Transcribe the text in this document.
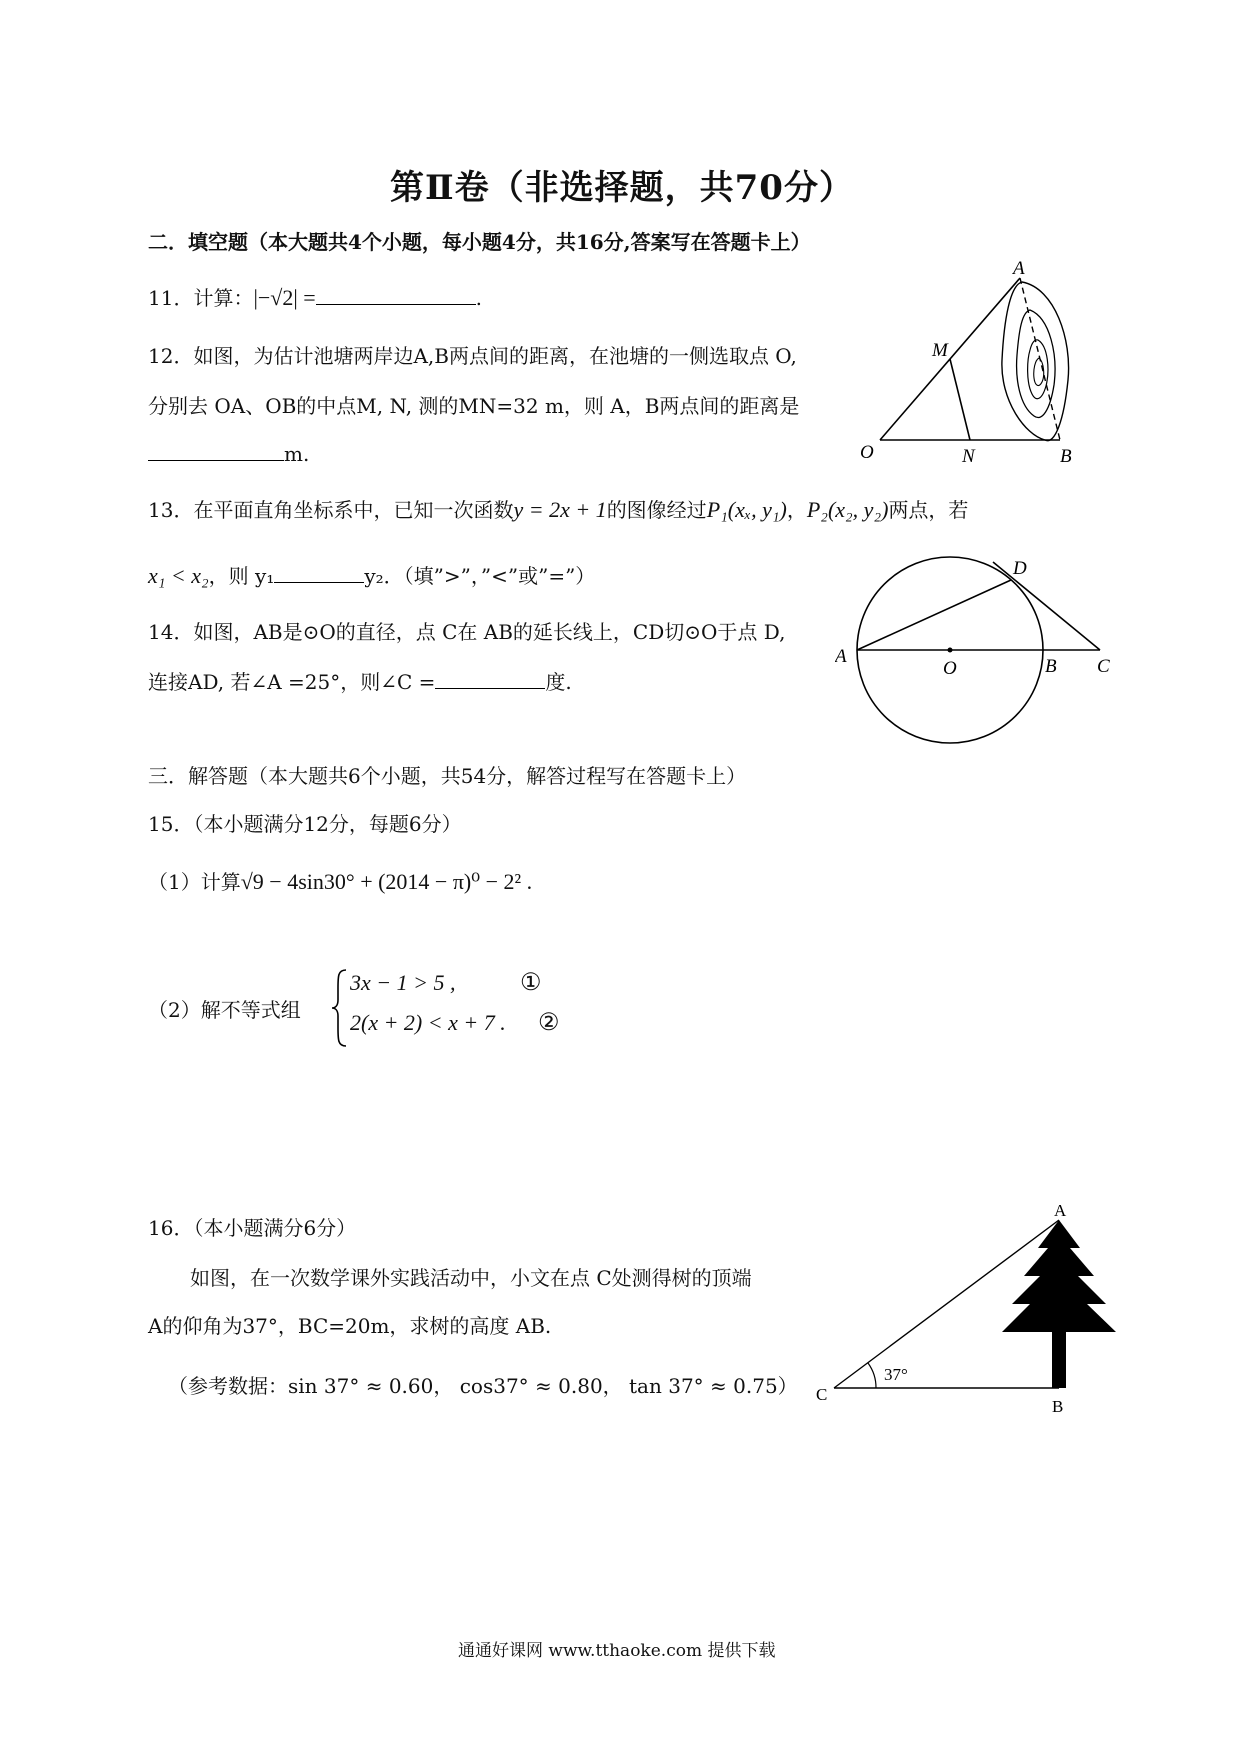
第Ⅱ卷（非选择题，共70分）
二．填空题（本大题共4个小题，每小题4分，共16分,答案写在答题卡上）
11．计算：|−√2| =	.
12．如图，为估计池塘两岸边A,B两点间的距离，在池塘的一侧选取点 O,
分别去 OA、OB的中点M, N, 测的MN=32 m，则 A，B两点间的距离是
m.
A
M
O	N	B
13．在平面直角坐标系中，已知一次函数y = 2x + 1的图像经过P₁(xₓ, y₁)，P₂(x₂, y₂)两点，若
x₁ < x₂，则 y₁	y₂．（填”>”，”<”或”=”）
14．如图，AB是⊙O的直径，点 C在 AB的延长线上，CD切⊙O于点 D,
连接AD, 若∠A =25°，则∠C =	度.
A
O	B C
D
三．解答题（本大题共6个小题，共54分，解答过程写在答题卡上）
15．（本小题满分12分，每题6分）
（1）计算√9 − 4sin30° + (2014 − π)⁰ − 2² .
（2）解不等式组
3x − 1 > 5 ,	①
2(x + 2) < x + 7 . ②
16．（本小题满分6分）
如图，在一次数学课外实践活动中，小文在点 C处测得树的顶端
A的仰角为37°，BC=20m，求树的高度 AB.
（参考数据：sin 37° ≈ 0.60， cos37° ≈ 0.80， tan 37° ≈ 0.75）
A
B
C
37°
通通好课网 www.tthaoke.com 提供下载
